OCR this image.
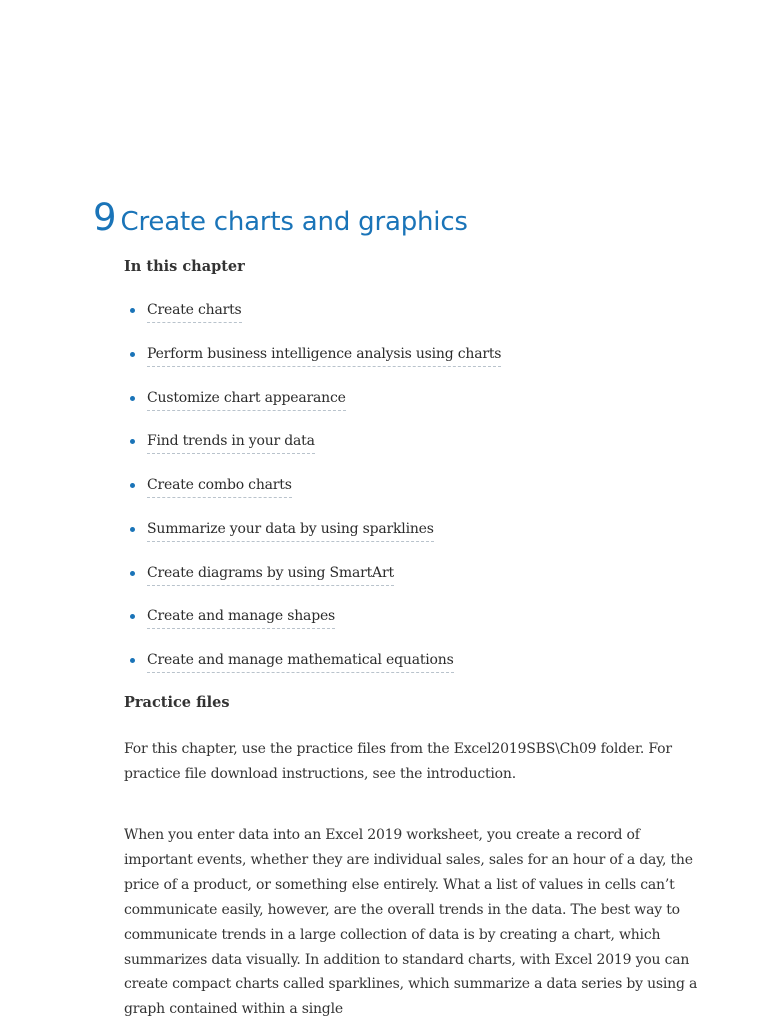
9 Create charts and graphics
In this chapter
Create charts
Perform business intelligence analysis using charts
Customize chart appearance
Find trends in your data
Create combo charts
Summarize your data by using sparklines
Create diagrams by using SmartArt
Create and manage shapes
Create and manage mathematical equations
Practice files

For this chapter, use the practice files from the Excel2019SBS\Ch09 folder. For practice file download instructions, see the introduction.

When you enter data into an Excel 2019 worksheet, you create a record of important events, whether they are individual sales, sales for an hour of a day, the price of a product, or something else entirely. What a list of values in cells can’t communicate easily, however, are the overall trends in the data. The best way to communicate trends in a large collection of data is by creating a chart, which summarizes data visually. In addition to standard charts, with Excel 2019 you can create compact charts called sparklines, which summarize a data series by using a graph contained within a single
